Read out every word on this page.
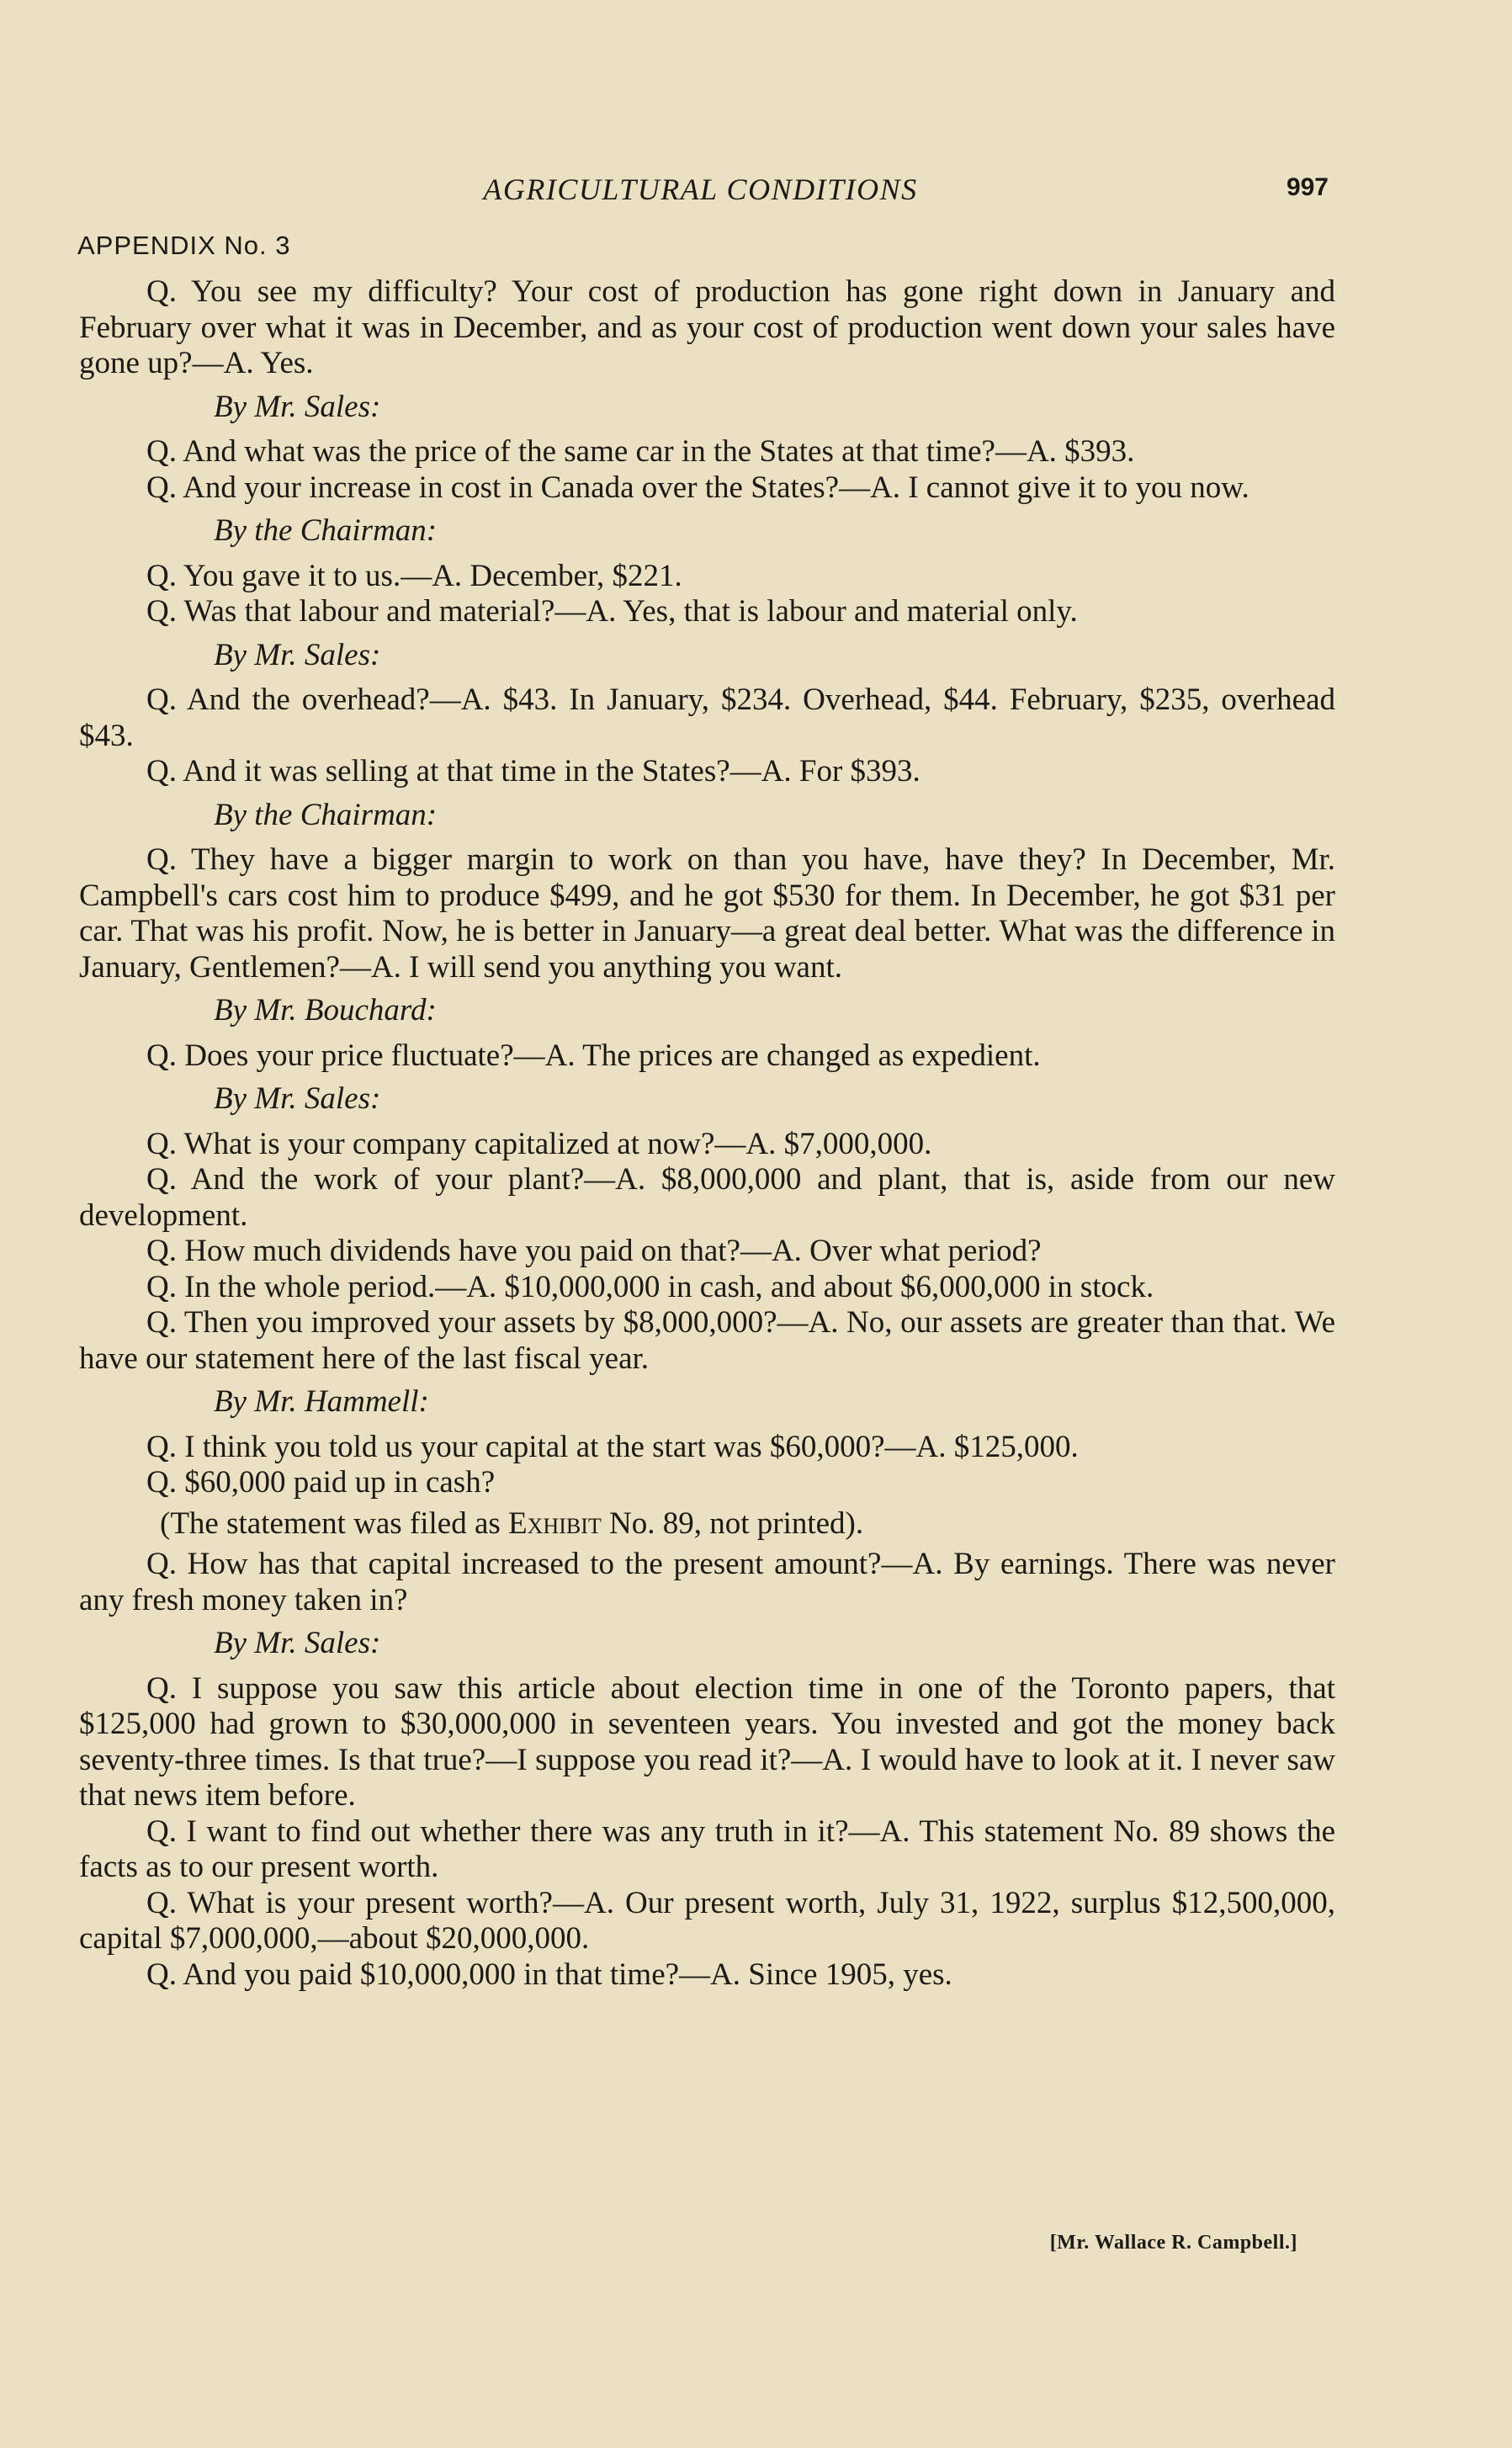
AGRICULTURAL CONDITIONS	997
APPENDIX No. 3

Q. You see my difficulty? Your cost of production has gone right down in January and February over what it was in December, and as your cost of production went down your sales have gone up?—A. Yes.

By Mr. Sales:

Q. And what was the price of the same car in the States at that time?—A. $393.

Q. And your increase in cost in Canada over the States?—A. I cannot give it to you now.

By the Chairman:

Q. You gave it to us.—A. December, $221.

Q. Was that labour and material?—A. Yes, that is labour and material only.

By Mr. Sales:

Q. And the overhead?—A. $43. In January, $234. Overhead, $44. February, $235, overhead $43.

Q. And it was selling at that time in the States?—A. For $393.

By the Chairman:

Q. They have a bigger margin to work on than you have, have they? In December, Mr. Campbell's cars cost him to produce $499, and he got $530 for them. In December, he got $31 per car. That was his profit. Now, he is better in January—a great deal better. What was the difference in January, Gentlemen?—A. I will send you anything you want.

By Mr. Bouchard:

Q. Does your price fluctuate?—A. The prices are changed as expedient.

By Mr. Sales:

Q. What is your company capitalized at now?—A. $7,000,000.

Q. And the work of your plant?—A. $8,000,000 and plant, that is, aside from our new development.

Q. How much dividends have you paid on that?—A. Over what period?

Q. In the whole period.—A. $10,000,000 in cash, and about $6,000,000 in stock.

Q. Then you improved your assets by $8,000,000?—A. No, our assets are greater than that. We have our statement here of the last fiscal year.

By Mr. Hammell:

Q. I think you told us your capital at the start was $60,000?—A. $125,000.

Q. $60,000 paid up in cash?

(The statement was filed as Exhibit No. 89, not printed).

Q. How has that capital increased to the present amount?—A. By earnings. There was never any fresh money taken in?

By Mr. Sales:

Q. I suppose you saw this article about election time in one of the Toronto papers, that $125,000 had grown to $30,000,000 in seventeen years. You invested and got the money back seventy-three times. Is that true?—I suppose you read it?—A. I would have to look at it. I never saw that news item before.

Q. I want to find out whether there was any truth in it?—A. This statement No. 89 shows the facts as to our present worth.

Q. What is your present worth?—A. Our present worth, July 31, 1922, surplus $12,500,000, capital $7,000,000,—about $20,000,000.

Q. And you paid $10,000,000 in that time?—A. Since 1905, yes.

[Mr. Wallace R. Campbell.]
